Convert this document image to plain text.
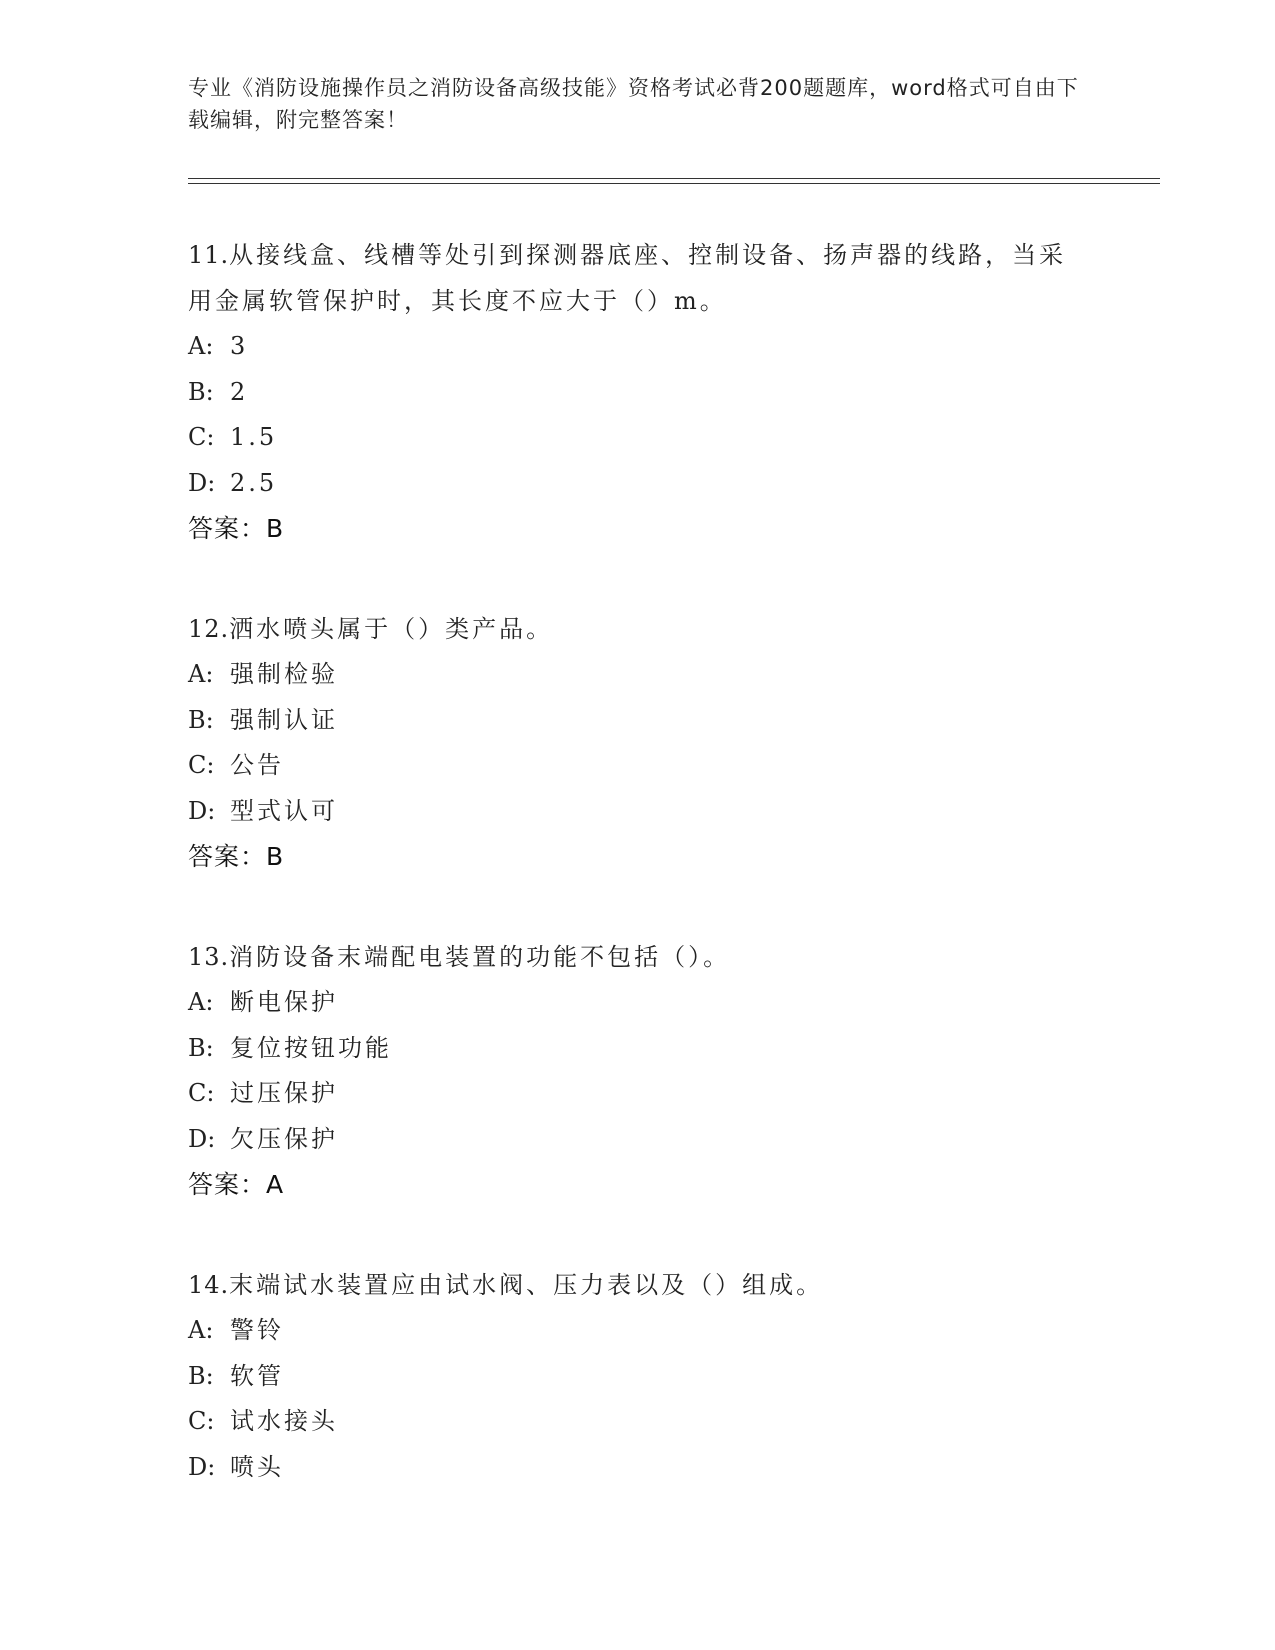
专业《消防设施操作员之消防设备高级技能》资格考试必背200题题库，word格式可自由下载编辑，附完整答案！
11.从接线盒、线槽等处引到探测器底座、控制设备、扬声器的线路，当采用金属软管保护时，其长度不应大于（）m。
A: 3
B: 2
C: 1.5
D: 2.5
答案：B
12.洒水喷头属于（）类产品。
A: 强制检验
B: 强制认证
C: 公告
D: 型式认可
答案：B
13.消防设备末端配电装置的功能不包括（）。
A: 断电保护
B: 复位按钮功能
C: 过压保护
D: 欠压保护
答案：A
14.末端试水装置应由试水阀、压力表以及（）组成。
A: 警铃
B: 软管
C: 试水接头
D: 喷头
